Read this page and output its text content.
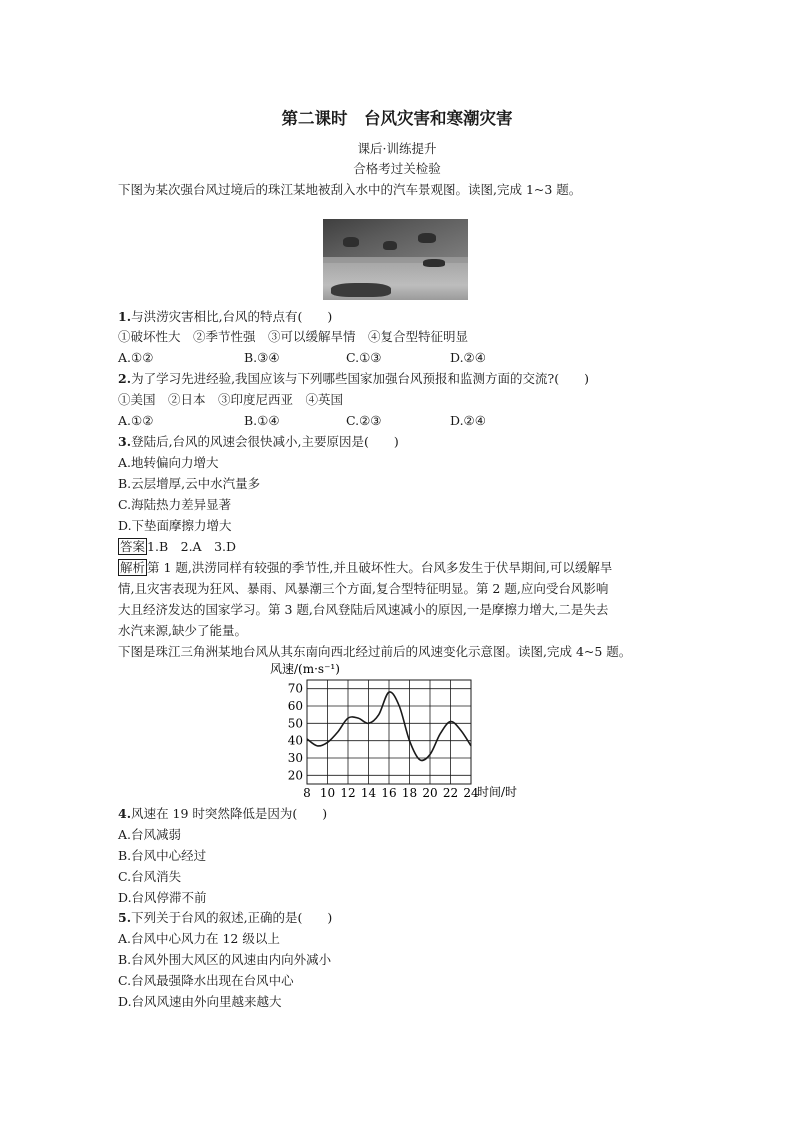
第二课时　台风灾害和寒潮灾害
课后·训练提升
合格考过关检验
下图为某次强台风过境后的珠江某地被刮入水中的汽车景观图。读图,完成 1~3 题。
1.与洪涝灾害相比,台风的特点有(　　)
①破坏性大　②季节性强　③可以缓解旱情　④复合型特征明显
A.①②	B.③④	C.①③	D.②④
2.为了学习先进经验,我国应该与下列哪些国家加强台风预报和监测方面的交流?(　　)
①美国　②日本　③印度尼西亚　④英国
A.①②	B.①④	C.②③	D.②④
3.登陆后,台风的风速会很快减小,主要原因是(　　)
A.地转偏向力增大
B.云层增厚,云中水汽量多
C.海陆热力差异显著
D.下垫面摩擦力增大
答案 1.B　2.A　3.D
解析 第 1 题,洪涝同样有较强的季节性,并且破坏性大。台风多发生于伏旱期间,可以缓解旱
情,且灾害表现为狂风、暴雨、风暴潮三个方面,复合型特征明显。第 2 题,应向受台风影响
大且经济发达的国家学习。第 3 题,台风登陆后风速减小的原因,一是摩擦力增大,二是失去
水汽来源,缺少了能量。
下图是珠江三角洲某地台风从其东南向西北经过前后的风速变化示意图。读图,完成 4~5 题。
风速/(m·s⁻¹)
时间/时
8 10 12 14 16 18 20 22 24
20
30
40
50
60
70
4.风速在 19 时突然降低是因为(　　)
A.台风减弱
B.台风中心经过
C.台风消失
D.台风停滞不前
5.下列关于台风的叙述,正确的是(　　)
A.台风中心风力在 12 级以上
B.台风外围大风区的风速由内向外减小
C.台风最强降水出现在台风中心
D.台风风速由外向里越来越大
